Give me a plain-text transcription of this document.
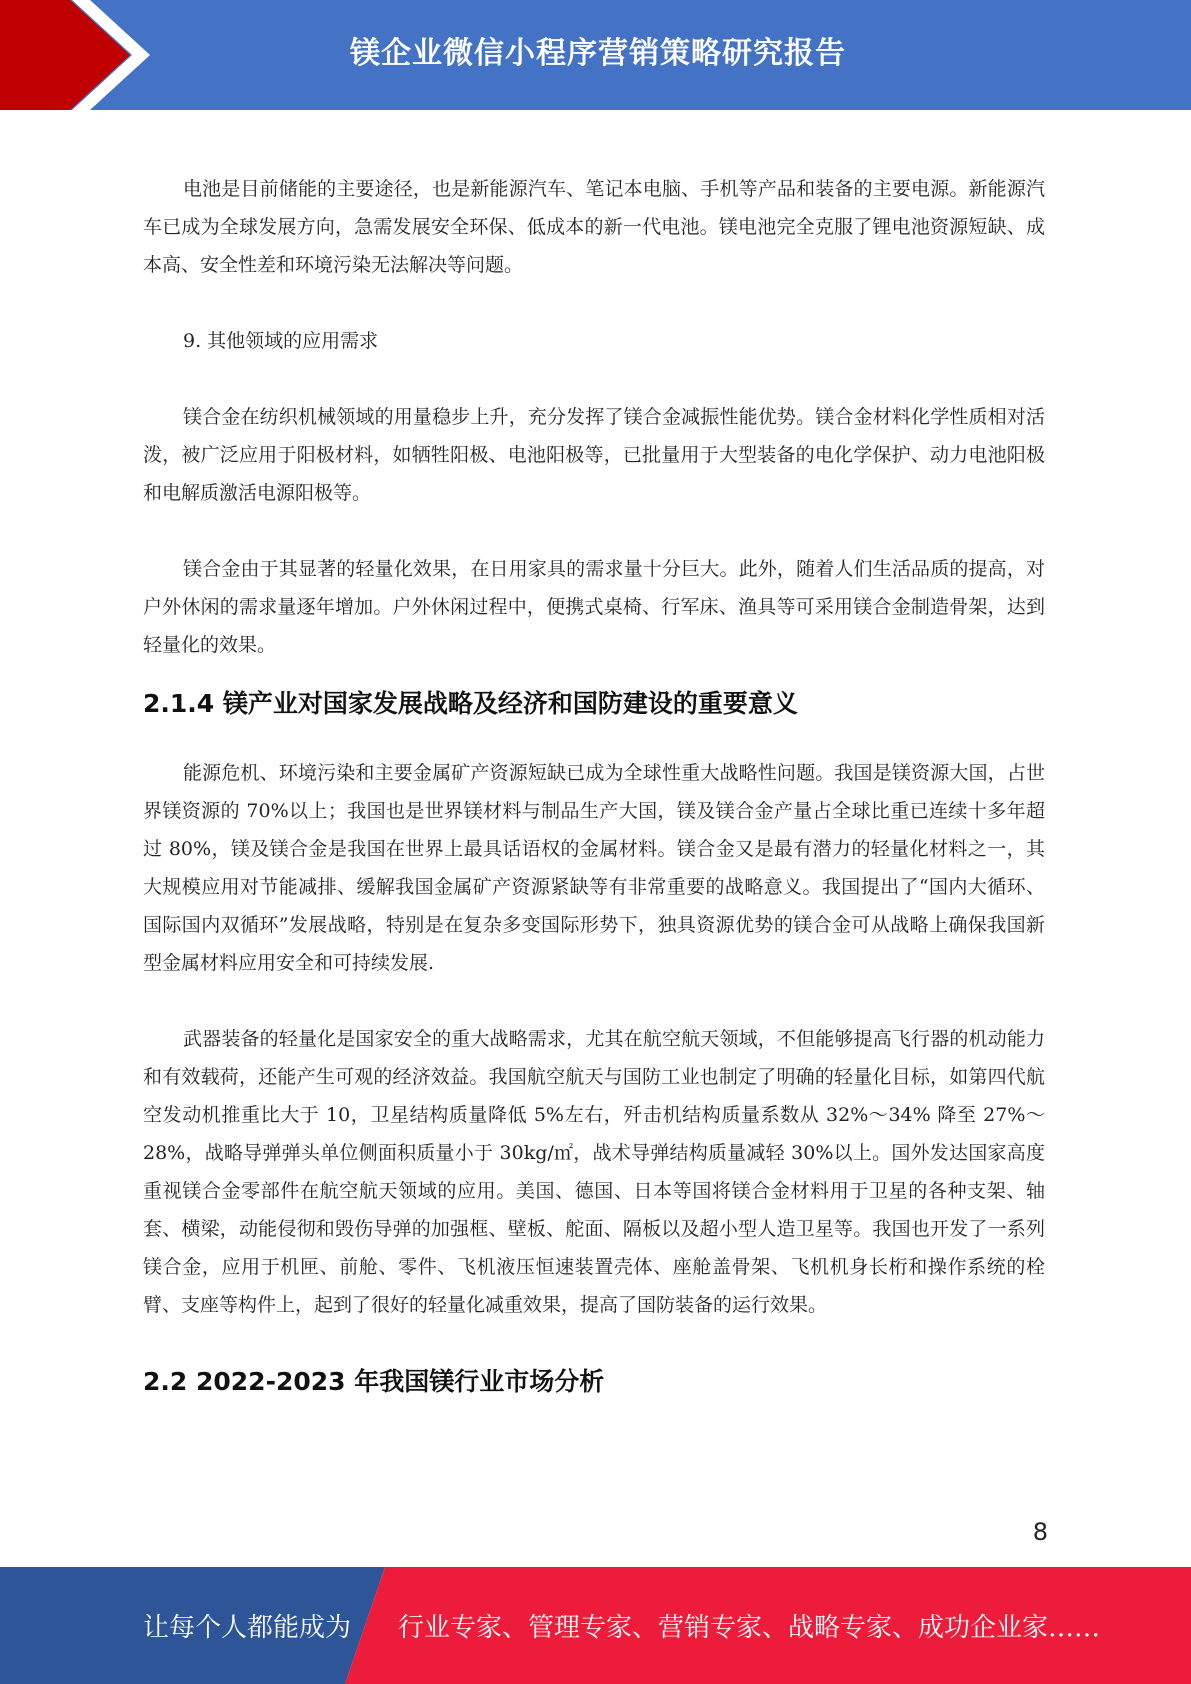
镁企业微信小程序营销策略研究报告

电池是目前储能的主要途径，也是新能源汽车、笔记本电脑、手机等产品和装备的主要电源。新能源汽车已成为全球发展方向，急需发展安全环保、低成本的新一代电池。镁电池完全克服了锂电池资源短缺、成本高、安全性差和环境污染无法解决等问题。

9. 其他领域的应用需求

镁合金在纺织机械领域的用量稳步上升，充分发挥了镁合金减振性能优势。镁合金材料化学性质相对活泼，被广泛应用于阳极材料，如牺牲阳极、电池阳极等，已批量用于大型装备的电化学保护、动力电池阳极和电解质激活电源阳极等。

镁合金由于其显著的轻量化效果，在日用家具的需求量十分巨大。此外，随着人们生活品质的提高，对户外休闲的需求量逐年增加。户外休闲过程中，便携式桌椅、行军床、渔具等可采用镁合金制造骨架，达到轻量化的效果。

2.1.4 镁产业对国家发展战略及经济和国防建设的重要意义

能源危机、环境污染和主要金属矿产资源短缺已成为全球性重大战略性问题。我国是镁资源大国，占世界镁资源的 70%以上；我国也是世界镁材料与制品生产大国，镁及镁合金产量占全球比重已连续十多年超过 80%，镁及镁合金是我国在世界上最具话语权的金属材料。镁合金又是最有潜力的轻量化材料之一，其大规模应用对节能减排、缓解我国金属矿产资源紧缺等有非常重要的战略意义。我国提出了“国内大循环、国际国内双循环”发展战略，特别是在复杂多变国际形势下，独具资源优势的镁合金可从战略上确保我国新型金属材料应用安全和可持续发展.

武器装备的轻量化是国家安全的重大战略需求，尤其在航空航天领域，不但能够提高飞行器的机动能力和有效载荷，还能产生可观的经济效益。我国航空航天与国防工业也制定了明确的轻量化目标，如第四代航空发动机推重比大于 10，卫星结构质量降低 5%左右，歼击机结构质量系数从 32%～34% 降至 27%～28%，战略导弹弹头单位侧面积质量小于 30kg/㎡，战术导弹结构质量减轻 30%以上。国外发达国家高度重视镁合金零部件在航空航天领域的应用。美国、德国、日本等国将镁合金材料用于卫星的各种支架、轴套、横梁，动能侵彻和毁伤导弹的加强框、壁板、舵面、隔板以及超小型人造卫星等。我国也开发了一系列镁合金，应用于机匣、前舱、零件、飞机液压恒速装置壳体、座舱盖骨架、飞机机身长桁和操作系统的栓臂、支座等构件上，起到了很好的轻量化减重效果，提高了国防装备的运行效果。

2.2 2022-2023 年我国镁行业市场分析
8
让每个人都能成为 行业专家、管理专家、营销专家、战略专家、成功企业家……
